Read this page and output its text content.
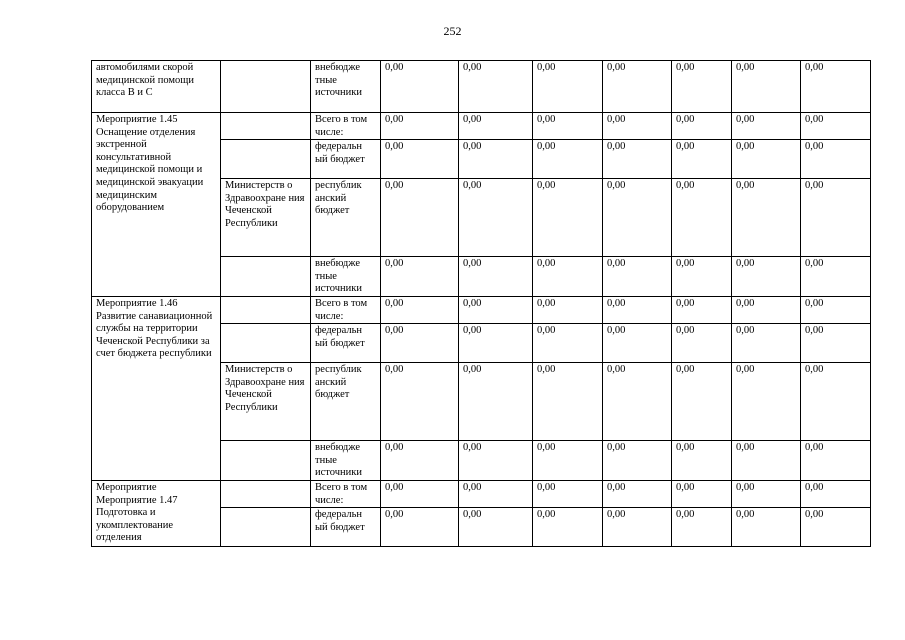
252
автомобилями скорой медицинской помощи класса В и С		внебюдже тные источники	0,00	0,00	0,00	0,00	0,00	0,00	0,00
Мероприятие 1.45 Оснащение отделения экстренной консультативной медицинской помощи и медицинской эвакуации медицинским оборудованием		Всего в том числе:	0,00	0,00	0,00	0,00	0,00	0,00	0,00
		федеральн ый бюджет	0,00	0,00	0,00	0,00	0,00	0,00	0,00
	Министерств о Здравоохране ния Чеченской Республики	республик анский бюджет	0,00	0,00	0,00	0,00	0,00	0,00	0,00
		внебюдже тные источники	0,00	0,00	0,00	0,00	0,00	0,00	0,00
Мероприятие 1.46 Развитие санавиационной службы на территории Чеченской Республики за счет бюджета республики		Всего в том числе:	0,00	0,00	0,00	0,00	0,00	0,00	0,00
		федеральн ый бюджет	0,00	0,00	0,00	0,00	0,00	0,00	0,00
	Министерств о Здравоохране ния Чеченской Республики	республик анский бюджет	0,00	0,00	0,00	0,00	0,00	0,00	0,00
		внебюдже тные источники	0,00	0,00	0,00	0,00	0,00	0,00	0,00
Мероприятие Мероприятие 1.47 Подготовка и укомплектование отделения		Всего в том числе:	0,00	0,00	0,00	0,00	0,00	0,00	0,00
		федеральн ый бюджет	0,00	0,00	0,00	0,00	0,00	0,00	0,00
